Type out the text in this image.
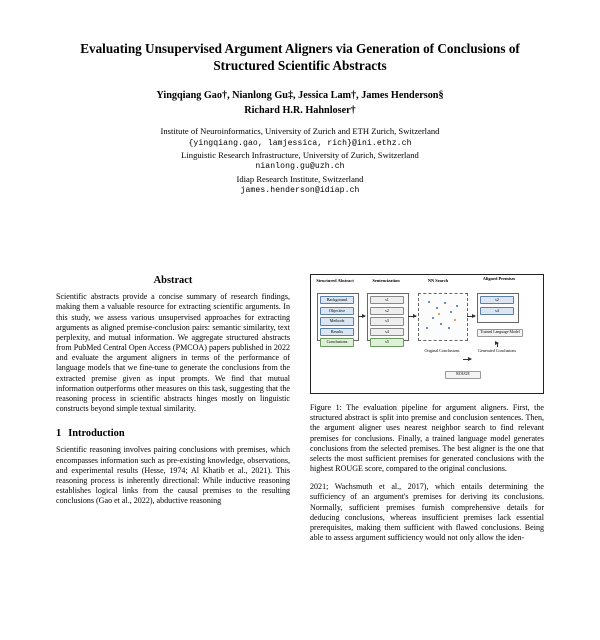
Evaluating Unsupervised Argument Aligners via Generation of Conclusions of Structured Scientific Abstracts
Yingqiang Gao†, Nianlong Gu‡, Jessica Lam†, James Henderson§
Richard H.R. Hahnloser†
Institute of Neuroinformatics, University of Zurich and ETH Zurich, Switzerland
{yingqiang.gao, lamjessica, rich}@ini.ethz.ch
Linguistic Research Infrastructure, University of Zurich, Switzerland
nianlong.gu@uzh.ch
Idiap Research Institute, Switzerland
james.henderson@idiap.ch
Abstract

Scientific abstracts provide a concise summary of research findings, making them a valuable resource for extracting scientific arguments. In this study, we assess various unsupervised approaches for extracting arguments as aligned premise-conclusion pairs: semantic similarity, text perplexity, and mutual information. We aggregate structured abstracts from PubMed Central Open Access (PMCOA) papers published in 2022 and evaluate the argument aligners in terms of the performance of language models that we fine-tune to generate the conclusions from the extracted premise given as input prompts. We find that mutual information outperforms other measures on this task, suggesting that the reasoning process in scientific abstracts hinges mostly on linguistic constructs beyond simple textual similarity.

1 Introduction

Scientific reasoning involves pairing conclusions with premises, which encompasses information such as pre-existing knowledge, observations, and experimental results (Hesse, 1974; Al Khatib et al., 2021). This reasoning process is inherently directional: While inductive reasoning establishes logical links from the causal premises to the resulting conclusions (Gao et al., 2022), abductive reasoning

Structured Abstract	Sentencization	NN Search	Aligned Premises
Background
Objective
Methods
Results
Conclusions
s1
s2
s3
s4
s5
s2
s4
Trained Language Model
Original Conclusions	Generated Conclusions
ROUGE
Figure 1: The evaluation pipeline for argument aligners. First, the structured abstract is split into premise and conclusion sentences. Then, the argument aligner uses nearest neighbor search to find relevant premises for conclusions. Finally, a trained language model generates conclusions from the selected premises. The best aligner is the one that selects the most sufficient premises for generated conclusions with the highest ROUGE score, compared to the original conclusions.

2021; Wachsmuth et al., 2017), which entails determining the sufficiency of an argument's premises for deriving its conclusions. Normally, sufficient premises furnish comprehensive details for deducing conclusions, whereas insufficient premises lack essential prerequisites, making them sufficient with flawed conclusions. Being able to assess argument sufficiency would not only allow the iden-
